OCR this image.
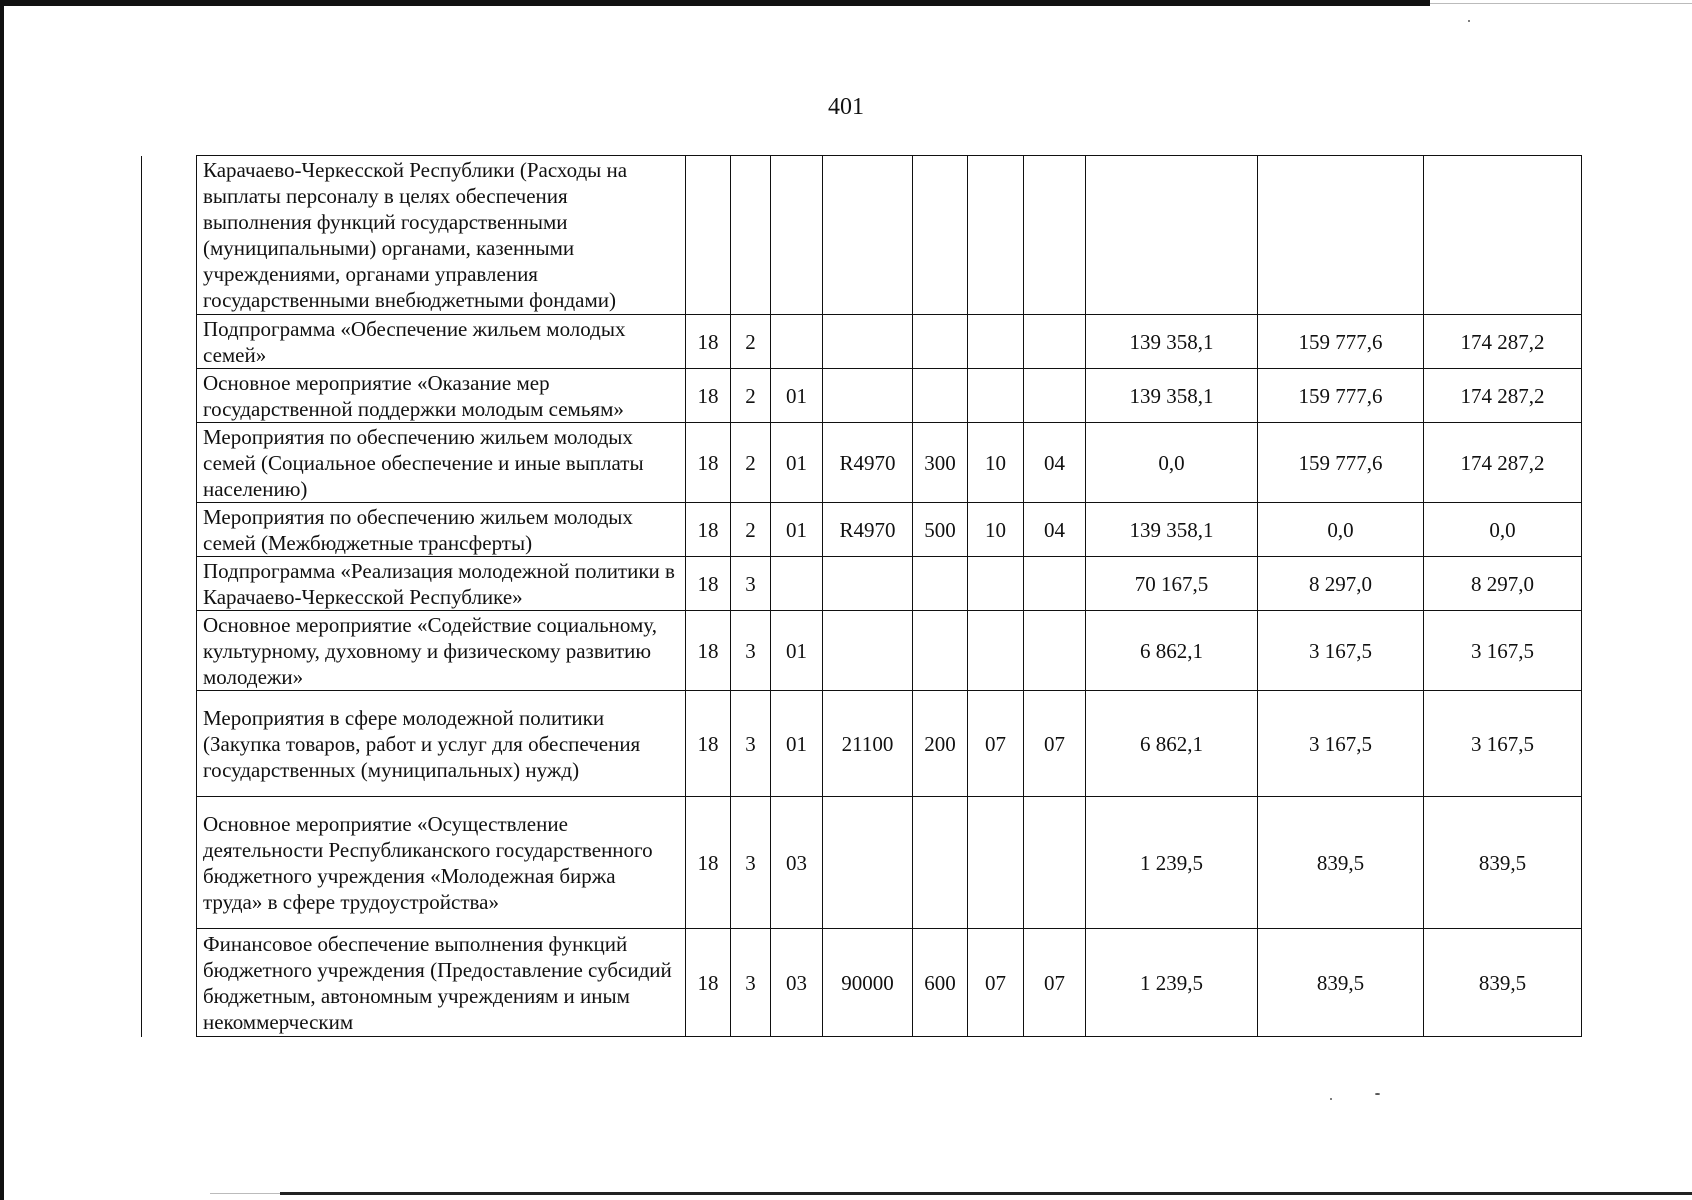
401
	Карачаево-Черкесской Республики (Расходы на выплаты персоналу в целях обеспечения выполнения функций государственными (муниципальными) органами, казенными учреждениями, органами управления государственными внебюджетными фондами)										
	Подпрограмма «Обеспечение жильем молодых семей»	18	2						139 358,1	159 777,6	174 287,2
	Основное мероприятие «Оказание мер государственной поддержки молодым семьям»	18	2	01					139 358,1	159 777,6	174 287,2
	Мероприятия по обеспечению жильем молодых семей (Социальное обеспечение и иные выплаты населению)	18	2	01	R4970	300	10	04	0,0	159 777,6	174 287,2
	Мероприятия по обеспечению жильем молодых семей (Межбюджетные трансферты)	18	2	01	R4970	500	10	04	139 358,1	0,0	0,0
	Подпрограмма «Реализация молодежной политики в Карачаево-Черкесской Республике»	18	3						70 167,5	8 297,0	8 297,0
	Основное мероприятие «Содействие социальному, культурному, духовному и физическому развитию молодежи»	18	3	01					6 862,1	3 167,5	3 167,5
	Мероприятия в сфере молодежной политики (Закупка товаров, работ и услуг для обеспечения государственных (муниципальных) нужд)	18	3	01	21100	200	07	07	6 862,1	3 167,5	3 167,5
	Основное мероприятие «Осуществление деятельности Республиканского государственного бюджетного учреждения «Молодежная биржа труда» в сфере трудоустройства»	18	3	03					1 239,5	839,5	839,5
	Финансовое обеспечение выполнения функций бюджетного учреждения (Предоставление субсидий бюджетным, автономным учреждениям и иным некоммерческим	18	3	03	90000	600	07	07	1 239,5	839,5	839,5
